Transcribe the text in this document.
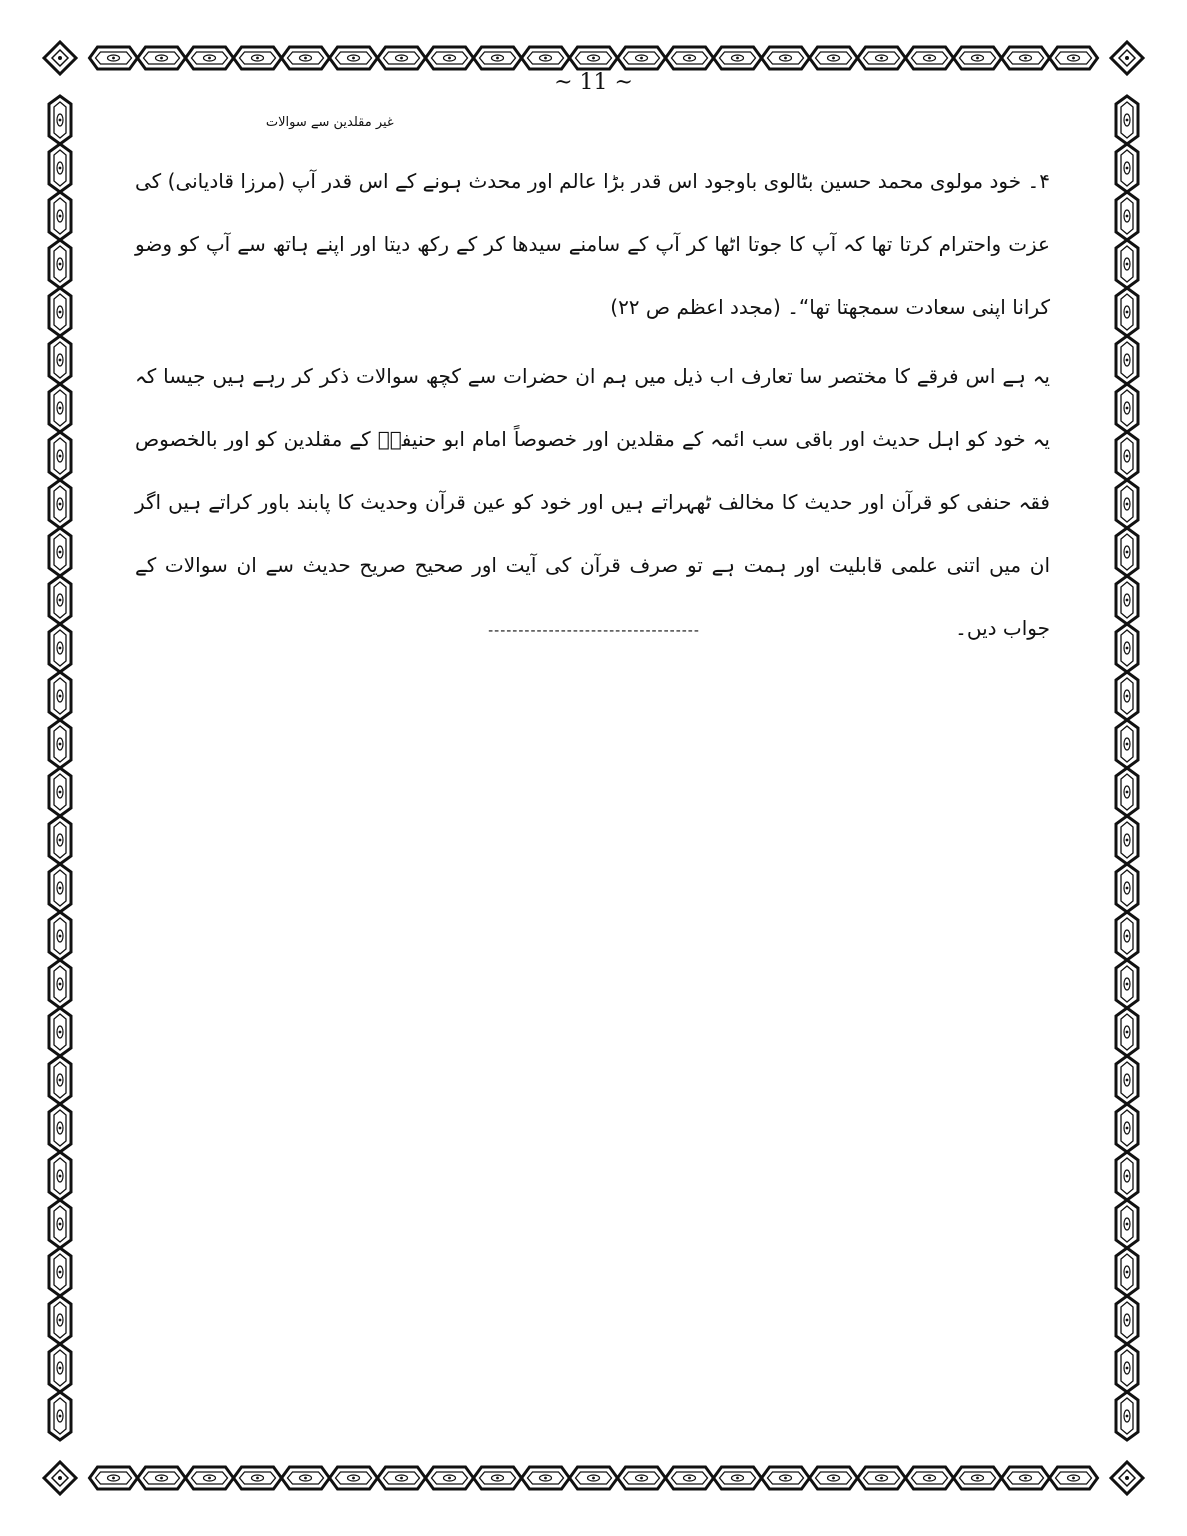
~ 11 ~
غیر مقلدین سے سوالات

۴۔ خود مولوی محمد حسین بٹالوی باوجود اس قدر بڑا عالم اور محدث ہونے کے اس قدر آپ (مرزا قادیانی) کی عزت واحترام کرتا تھا کہ آپ کا جوتا اٹھا کر آپ کے سامنے سیدھا کر کے رکھ دیتا اور اپنے ہاتھ سے آپ کو وضو کرانا اپنی سعادت سمجھتا تھا“۔ (مجدد اعظم ص ۲۲)

یہ ہے اس فرقے کا مختصر سا تعارف اب ذیل میں ہم ان حضرات سے کچھ سوالات ذکر کر رہے ہیں جیسا کہ یہ خود کو اہل حدیث اور باقی سب ائمہ کے مقلدین اور خصوصاً امام ابو حنیفہؒ کے مقلدین کو اور بالخصوص فقہ حنفی کو قرآن اور حدیث کا مخالف ٹھہراتے ہیں اور خود کو عین قرآن وحدیث کا پابند باور کراتے ہیں اگر ان میں اتنی علمی قابلیت اور ہمت ہے تو صرف قرآن کی آیت اور صحیح صریح حدیث سے ان سوالات کے جواب دیں۔

-----------------------------------
